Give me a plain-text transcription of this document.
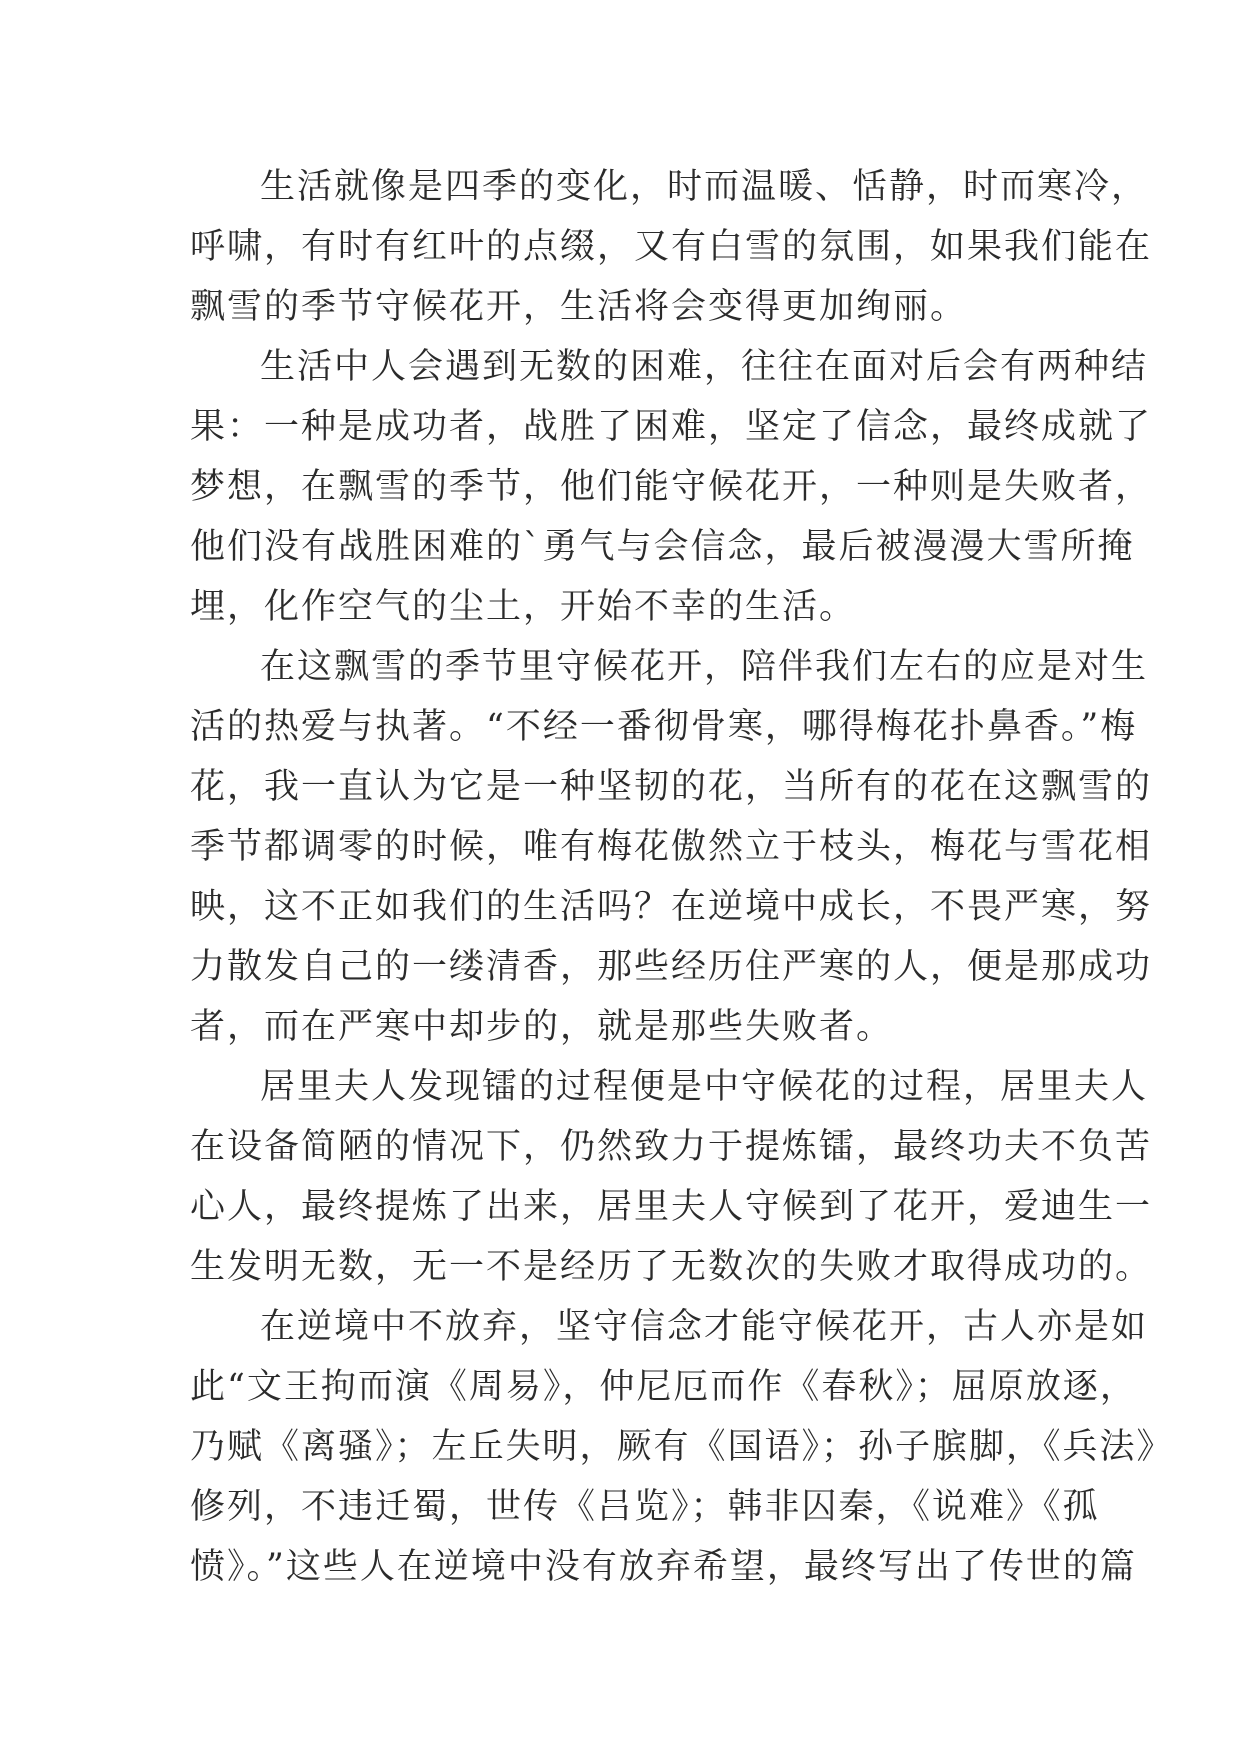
生活就像是四季的变化，时而温暖、恬静，时而寒冷，
呼啸，有时有红叶的点缀，又有白雪的氛围，如果我们能在
飘雪的季节守候花开，生活将会变得更加绚丽。
生活中人会遇到无数的困难，往往在面对后会有两种结
果：一种是成功者，战胜了困难，坚定了信念，最终成就了
梦想，在飘雪的季节，他们能守候花开，一种则是失败者，
他们没有战胜困难的`勇气与会信念，最后被漫漫大雪所掩
埋，化作空气的尘土，开始不幸的生活。
在这飘雪的季节里守候花开，陪伴我们左右的应是对生
活的热爱与执著。“不经一番彻骨寒，哪得梅花扑鼻香。”梅
花，我一直认为它是一种坚韧的花，当所有的花在这飘雪的
季节都调零的时候，唯有梅花傲然立于枝头，梅花与雪花相
映，这不正如我们的生活吗？在逆境中成长，不畏严寒，努
力散发自己的一缕清香，那些经历住严寒的人，便是那成功
者，而在严寒中却步的，就是那些失败者。
居里夫人发现镭的过程便是中守候花的过程，居里夫人
在设备简陋的情况下，仍然致力于提炼镭，最终功夫不负苦
心人，最终提炼了出来，居里夫人守候到了花开，爱迪生一
生发明无数，无一不是经历了无数次的失败才取得成功的。
在逆境中不放弃，坚守信念才能守候花开，古人亦是如
此“文王拘而演《周易》，仲尼厄而作《春秋》；屈原放逐，
乃赋《离骚》；左丘失明，厥有《国语》；孙子膑脚，《兵法》
修列，不违迁蜀，世传《吕览》；韩非囚秦，《说难》《孤
愤》。”这些人在逆境中没有放弃希望，最终写出了传世的篇
